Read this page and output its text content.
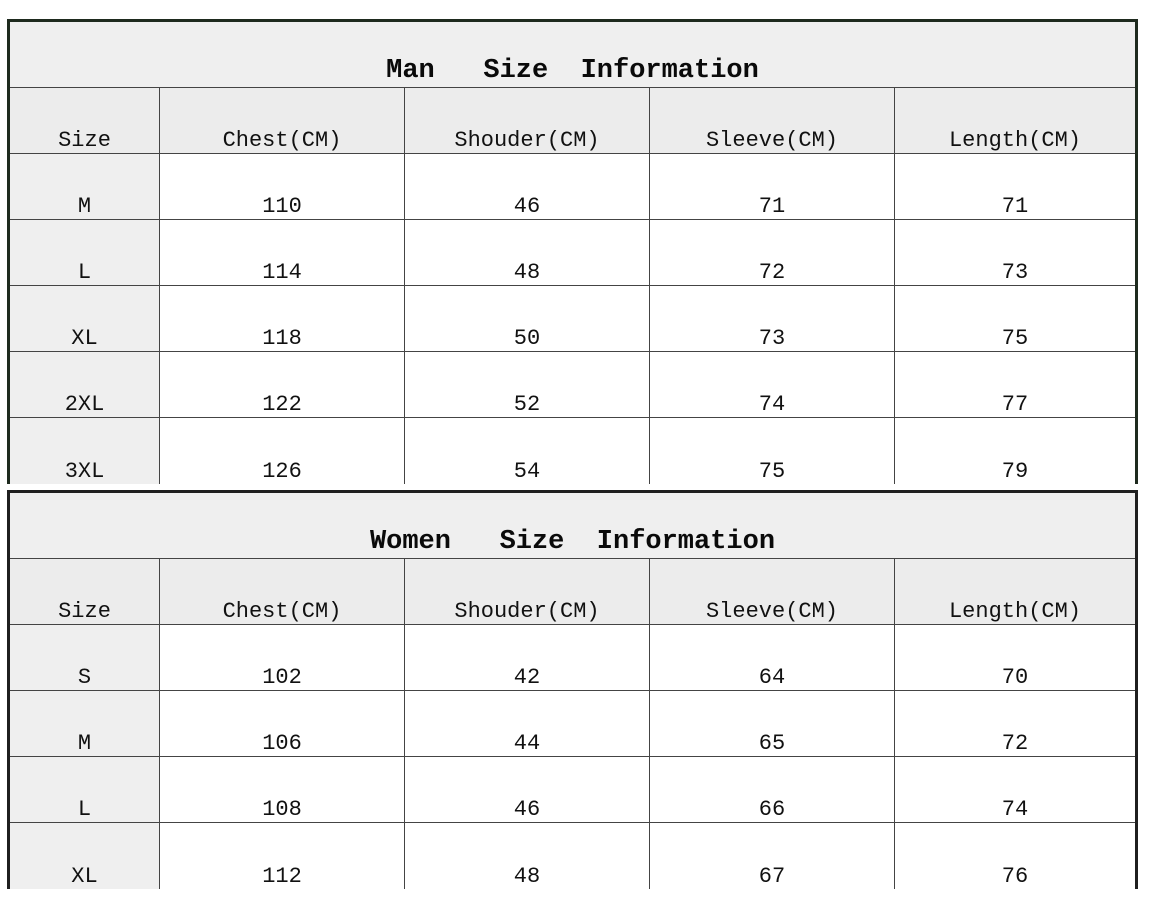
Man   Size  Information
Size	Chest(CM)	Shouder(CM)	Sleeve(CM)	Length(CM)
M	110	46	71	71
L	114	48	72	73
XL	118	50	73	75
2XL	122	52	74	77
3XL	126	54	75	79
Women   Size  Information
Size	Chest(CM)	Shouder(CM)	Sleeve(CM)	Length(CM)
S	102	42	64	70
M	106	44	65	72
L	108	46	66	74
XL	112	48	67	76
